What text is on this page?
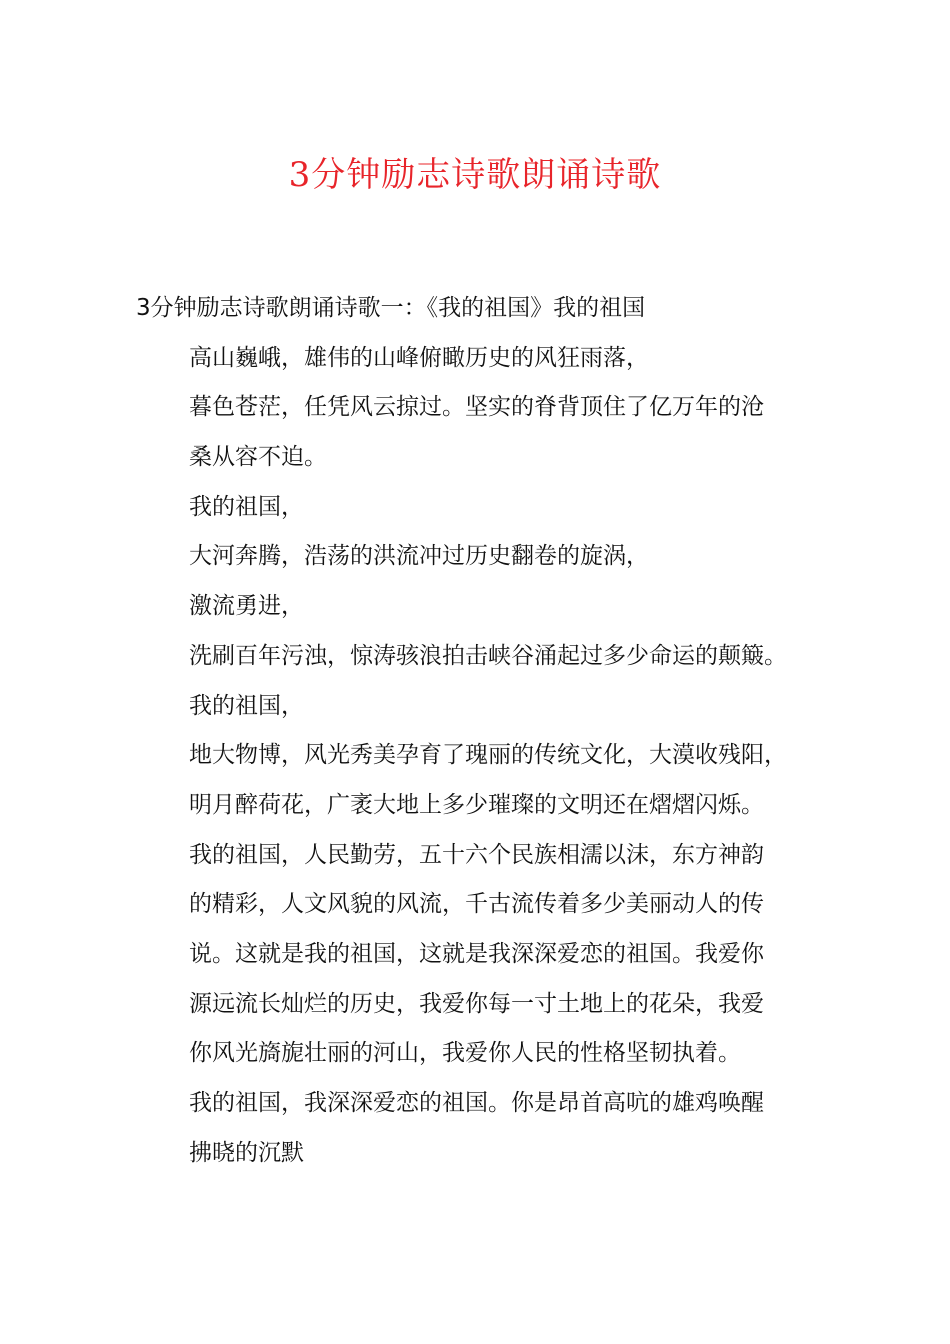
3分钟励志诗歌朗诵诗歌
3分钟励志诗歌朗诵诗歌一：《我的祖国》我的祖国
高山巍峨，雄伟的山峰俯瞰历史的风狂雨落，
暮色苍茫，任凭风云掠过。坚实的脊背顶住了亿万年的沧
桑从容不迫。
我的祖国，
大河奔腾，浩荡的洪流冲过历史翻卷的旋涡，
激流勇进，
洗刷百年污浊，惊涛骇浪拍击峡谷涌起过多少命运的颠簸。
我的祖国，
地大物博，风光秀美孕育了瑰丽的传统文化，大漠收残阳，
明月醉荷花，广袤大地上多少璀璨的文明还在熠熠闪烁。
我的祖国，人民勤劳，五十六个民族相濡以沫，东方神韵
的精彩，人文风貌的风流，千古流传着多少美丽动人的传
说。这就是我的祖国，这就是我深深爱恋的祖国。我爱你
源远流长灿烂的历史，我爱你每一寸土地上的花朵，我爱
你风光旖旎壮丽的河山，我爱你人民的性格坚韧执着。
我的祖国，我深深爱恋的祖国。你是昂首高吭的雄鸡唤醒
拂晓的沉默
